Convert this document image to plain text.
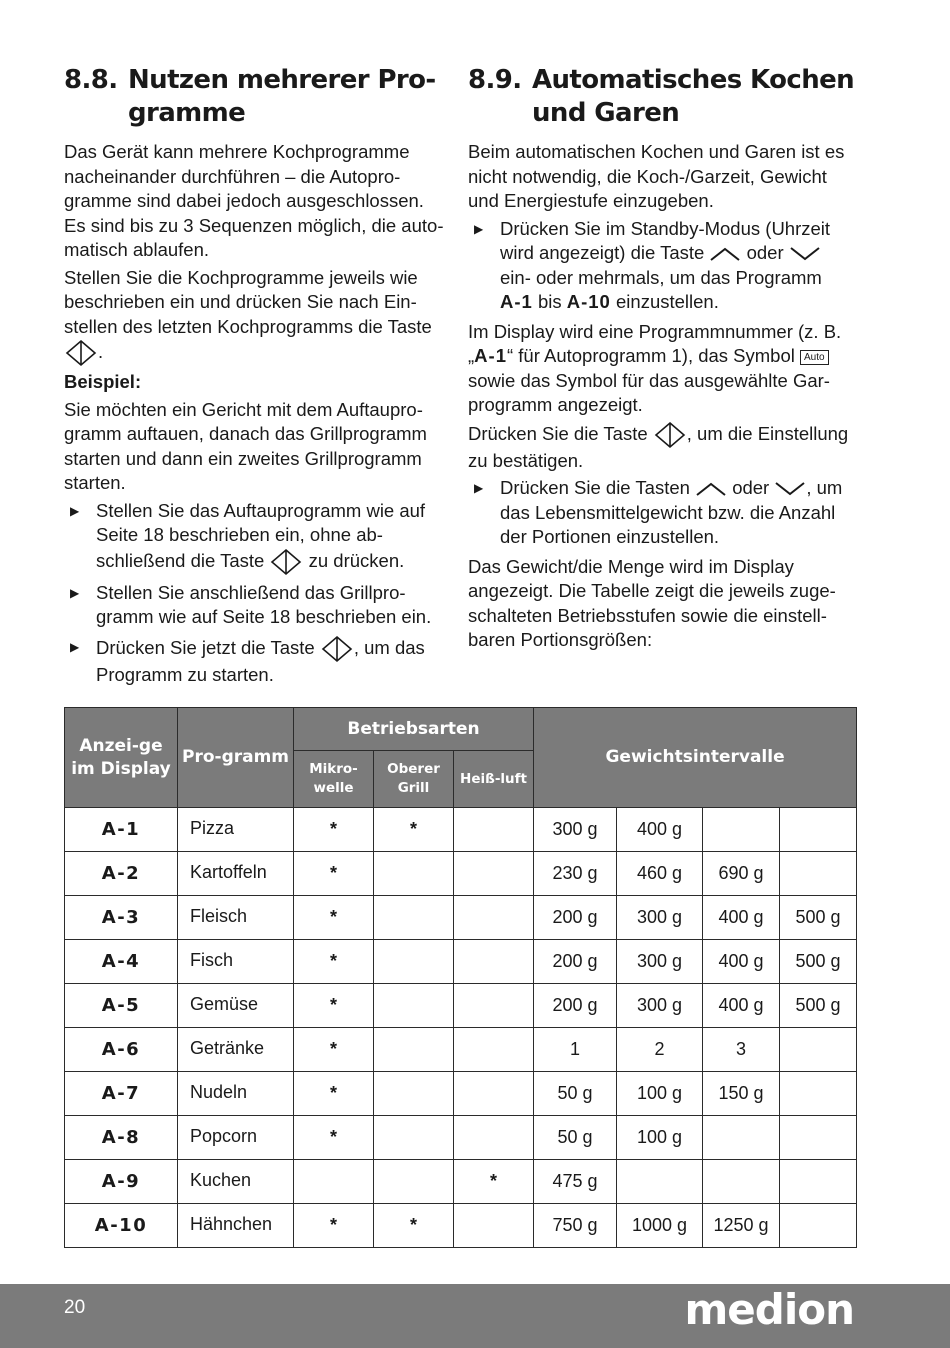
8.8. Nutzen mehrerer Pro-
gramme

Das Gerät kann mehrere Kochprogramme nacheinander durchführen – die Autopro-gramme sind dabei jedoch ausgeschlossen. Es sind bis zu 3 Sequenzen möglich, die auto-matisch ablaufen.

Stellen Sie die Kochprogramme jeweils wie beschrieben ein und drücken Sie nach Ein-stellen des letzten Kochprogramms die Taste
.

Beispiel:

Sie möchten ein Gericht mit dem Auftaupro-gramm auftauen, danach das Grillprogramm starten und dann ein zweites Grillprogramm starten.

▶ Stellen Sie das Auftauprogramm wie auf Seite 18 beschrieben ein, ohne ab-schließend die Taste zu drücken.
▶ Stellen Sie anschließend das Grillpro-gramm wie auf Seite 18 beschrieben ein.
▶ Drücken Sie jetzt die Taste , um das Programm zu starten.
8.9. Automatisches Kochen
und Garen

Beim automatischen Kochen und Garen ist es nicht notwendig, die Koch-/Garzeit, Gewicht und Energiestufe einzugeben.

▶ Drücken Sie im Standby-Modus (Uhrzeit wird angezeigt) die Taste oder
ein- oder mehrmals, um das Programm
A-1 bis A-10 einzustellen.

Im Display wird eine Programmnummer (z. B. „A-1“ für Autoprogramm 1), das Symbol Auto sowie das Symbol für das ausgewählte Gar-programm angezeigt.

Drücken Sie die Taste , um die Einstellung zu bestätigen.

▶ Drücken Sie die Tasten oder , um das Lebensmittelgewicht bzw. die Anzahl der Portionen einzustellen.

Das Gewicht/die Menge wird im Display angezeigt. Die Tabelle zeigt die jeweils zuge-schalteten Betriebsstufen sowie die einstell-baren Portionsgrößen:

Anzei-ge im Display	Pro-gramm	Betriebsarten			Gewichtsintervalle			
		Mikro-welle	Oberer Grill	Heiß-luft				
A-1	Pizza	*	*		300 g	400 g		
A-2	Kartoffeln	*			230 g	460 g	690 g	
A-3	Fleisch	*			200 g	300 g	400 g	500 g
A-4	Fisch	*			200 g	300 g	400 g	500 g
A-5	Gemüse	*			200 g	300 g	400 g	500 g
A-6	Getränke	*			1	2	3	
A-7	Nudeln	*			50 g	100 g	150 g	
A-8	Popcorn	*			50 g	100 g		
A-9	Kuchen			*	475 g			
A-10	Hähnchen	*	*		750 g	1000 g	1250 g	
20	medion
